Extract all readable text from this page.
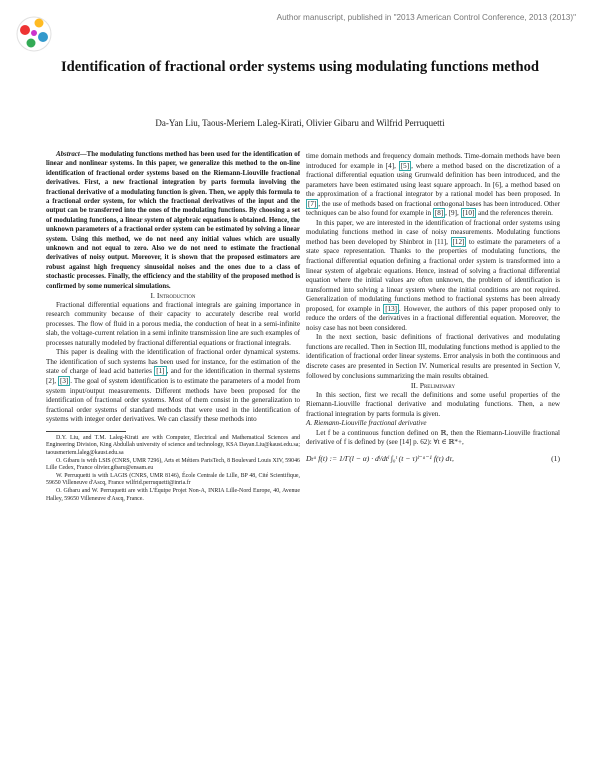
Author manuscript, published in "2013 American Control Conference, 2013 (2013)"
Identification of fractional order systems using modulating functions method

Da-Yan Liu, Taous-Meriem Laleg-Kirati, Olivier Gibaru and Wilfrid Perruquetti

Abstract—The modulating functions method has been used for the identification of linear and nonlinear systems. In this paper, we generalize this method to the on-line identification of fractional order systems based on the Riemann-Liouville fractional derivatives. First, a new fractional integration by parts formula involving the fractional derivative of a modulating function is given. Then, we apply this formula to a fractional order system, for which the fractional derivatives of the input and the output can be transferred into the ones of the modulating functions. By choosing a set of modulating functions, a linear system of algebraic equations is obtained. Hence, the unknown parameters of a fractional order system can be estimated by solving a linear system. Using this method, we do not need any initial values which are usually unknown and not equal to zero. Also we do not need to estimate the fractional derivatives of noisy output. Moreover, it is shown that the proposed estimators are robust against high frequency sinusoidal noises and the ones due to a class of stochastic processes. Finally, the efficiency and the stability of the proposed method is confirmed by some numerical simulations.

I. Introduction

Fractional differential equations and fractional integrals are gaining importance in research community because of their capacity to accurately describe real world processes. The flow of fluid in a porous media, the conduction of heat in a semi-infinite slab, the voltage-current relation in a semi infinite transmission line are such examples of processes naturally modeled by fractional differential equations or fractional integrals.

This paper is dealing with the identification of fractional order dynamical systems. The identification of such systems has been used for instance, for the estimation of the state of charge of lead acid batteries [1] , and for the identification in thermal systems [2], [3] . The goal of system identification is to estimate the parameters of a model from system input/output measurements. Different methods have been proposed for the identification of fractional order systems. Most of them consist in the generalization to fractional order systems of standard methods that were used in the identification of systems with integer order derivatives. We can classify these methods into

D.Y. Liu, and T.M. Laleg-Kirati are with Computer, Electrical and Mathematical Sciences and Engineering Division, King Abdullah university of science and technology, KSA Dayan.Liu@kaust.edu.sa; taousmeriem.laleg@kaust.edu.sa

O. Gibaru is with LSIS (CNRS, UMR 7296), Arts et Métiers ParisTech, 8 Boulevard Louis XIV, 59046 Lille Cedex, France olivier.gibaru@ensam.eu

W. Perruquetti is with LAGIS (CNRS, UMR 8146), École Centrale de Lille, BP 48, Cité Scientifique, 59650 Villeneuve d'Ascq, France wilfrid.perruquetti@inria.fr

O. Gibaru and W. Perruquetti are with L'Équipe Projet Non-A, INRIA Lille-Nord Europe, 40, Avenue Halley, 59650 Villeneuve d'Ascq, France.

time domain methods and frequency domain methods. Time-domain methods have been introduced for example in [4], [5] , where a method based on the discretization of a fractional differential equation using Grunwald definition has been introduced, and the parameters have been estimated using least square approach. In [6], a method based on the approximation of a fractional integrator by a rational model has been proposed. In [7] , the use of methods based on fractional orthogonal bases has been introduced. Other techniques can be also found for example in [8] , [9], [10] and the references therein.

In this paper, we are interested in the identification of fractional order systems using modulating functions method in case of noisy measurements. Modulating functions method has been developed by Shinbrot in [11], [12] to estimate the parameters of a state space representation. Thanks to the properties of modulating functions, the fractional differential equation defining a fractional order system is transformed into a linear system of algebraic equations. Hence, instead of solving a fractional differential equation where the initial values are often unknown, the problem of identification is transformed into solving a linear system where the initial conditions are not required. Generalization of modulating functions method to fractional systems has been already proposed, for example in [13] . However, the authors of this paper proposed only to reduce the orders of the derivatives in a fractional differential equation. Moreover, the noisy case has not been considered.

In the next section, basic definitions of fractional derivatives and modulating functions are recalled. Then in Section III, modulating functions method is applied to the identification of fractional order linear systems. Error analysis in both the continuous and discrete cases are presented in Section IV. Numerical results are presented in Section V, followed by conclusions summarizing the main results obtained.

II. Preliminary

In this section, first we recall the definitions and some useful properties of the Riemann-Liouville fractional derivative and modulating functions. Then, a new fractional integration by parts formula is given.

A. Riemann-Liouville fractional derivative

Let f be a continuous function defined on ℝ, then the Riemann-Liouville fractional derivative of f is defined by (see [14] p. 62): ∀t ∈ ℝ*+,

Dₜᵅ f(t) := 1/Γ(l − α) · dˡ/dtˡ ∫₀ᵗ (t − τ)ˡ⁻ᵅ⁻¹ f(τ) dτ,	(1)
